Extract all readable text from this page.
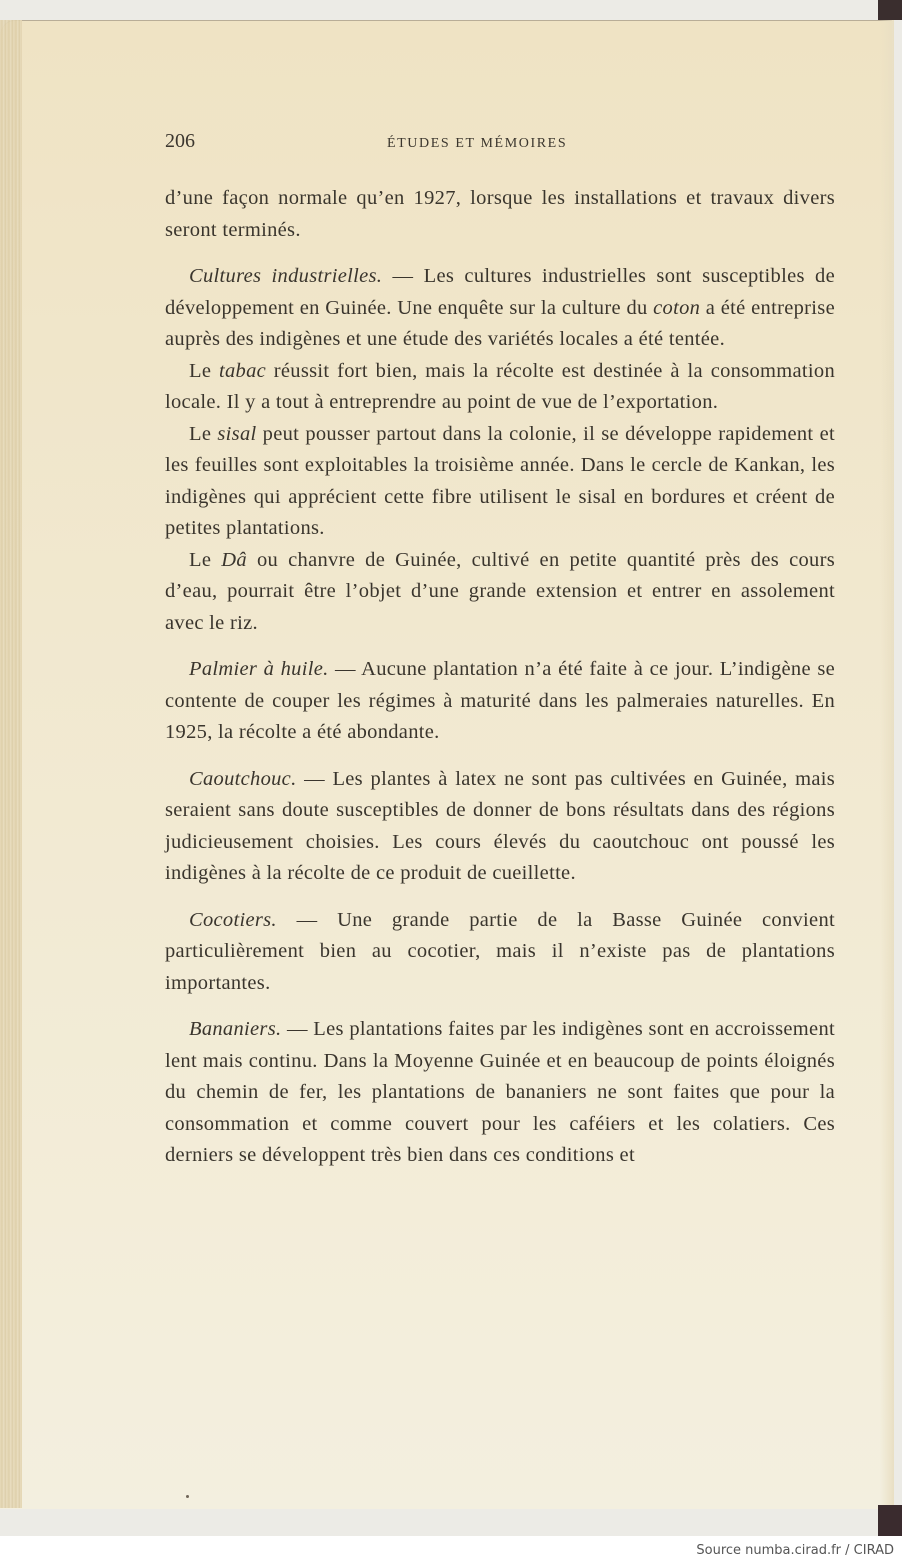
206	ÉTUDES ET MÉMOIRES

d’une façon normale qu’en 1927, lorsque les installations et travaux divers seront terminés.

Cultures industrielles. — Les cultures industrielles sont susceptibles de développement en Guinée. Une enquête sur la culture du coton a été entreprise auprès des indigènes et une étude des variétés locales a été tentée.

Le tabac réussit fort bien, mais la récolte est destinée à la consommation locale. Il y a tout à entreprendre au point de vue de l’exportation.

Le sisal peut pousser partout dans la colonie, il se développe rapidement et les feuilles sont exploitables la troisième année. Dans le cercle de Kankan, les indigènes qui apprécient cette fibre utilisent le sisal en bordures et créent de petites plantations.

Le Dâ ou chanvre de Guinée, cultivé en petite quantité près des cours d’eau, pourrait être l’objet d’une grande extension et entrer en assolement avec le riz.

Palmier à huile. — Aucune plantation n’a été faite à ce jour. L’indigène se contente de couper les régimes à maturité dans les palmeraies naturelles. En 1925, la récolte a été abondante.

Caoutchouc. — Les plantes à latex ne sont pas cultivées en Guinée, mais seraient sans doute susceptibles de donner de bons résultats dans des régions judicieusement choisies. Les cours élevés du caoutchouc ont poussé les indigènes à la récolte de ce produit de cueillette.

Cocotiers. — Une grande partie de la Basse Guinée convient particulièrement bien au cocotier, mais il n’existe pas de plantations importantes.

Bananiers. — Les plantations faites par les indigènes sont en accroissement lent mais continu. Dans la Moyenne Guinée et en beaucoup de points éloignés du chemin de fer, les plantations de bananiers ne sont faites que pour la consommation et comme couvert pour les caféiers et les colatiers. Ces derniers se développent très bien dans ces conditions et

Source numba.cirad.fr / CIRAD
